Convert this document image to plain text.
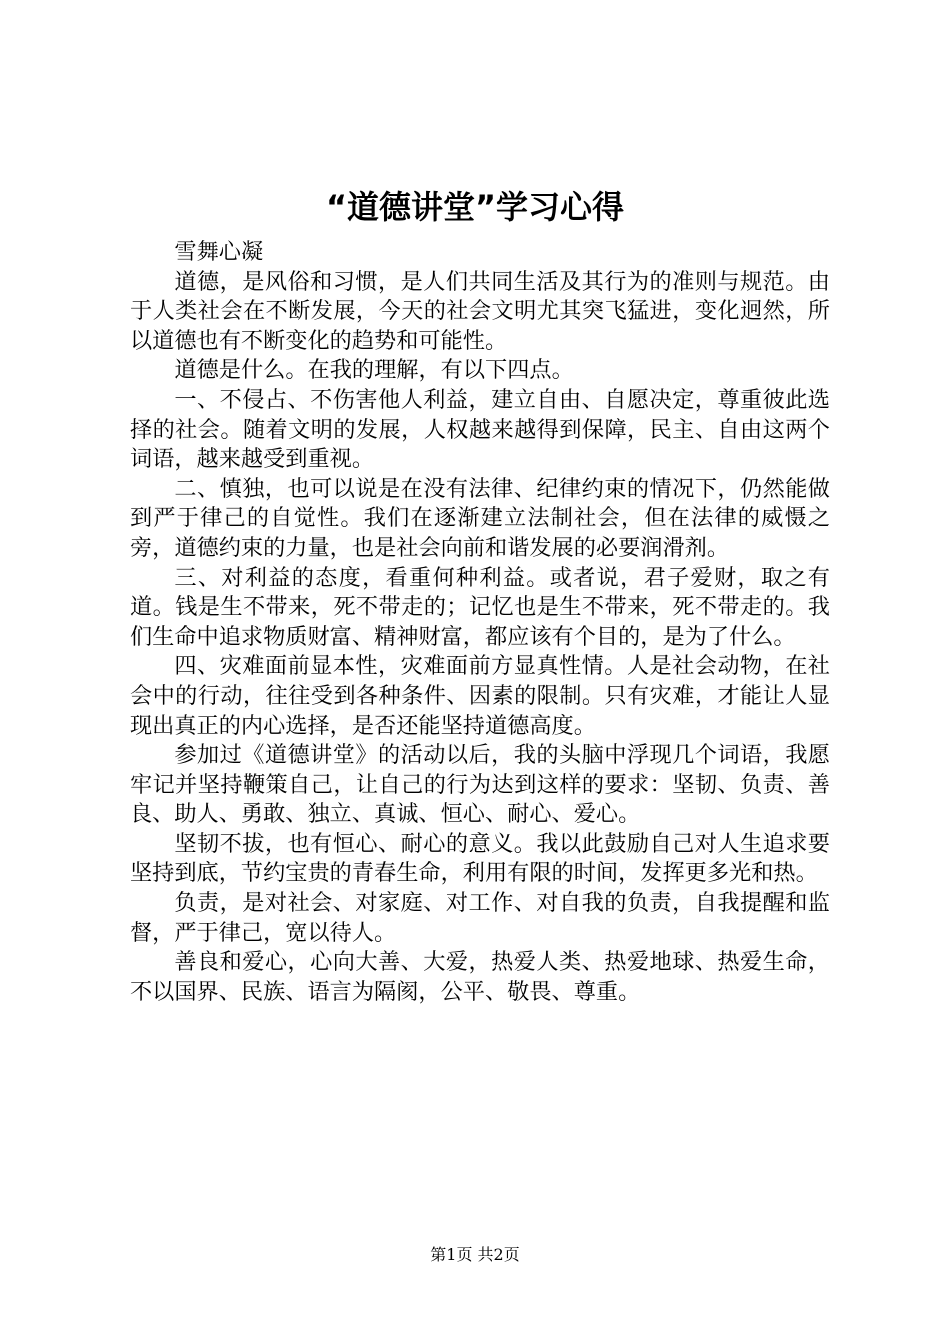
“道德讲堂”学习心得

雪舞心凝

道德，是风俗和习惯，是人们共同生活及其行为的准则与规范。由于人类社会在不断发展，今天的社会文明尤其突飞猛进，变化迥然，所以道德也有不断变化的趋势和可能性。

道德是什么。在我的理解，有以下四点。

一、不侵占、不伤害他人利益，建立自由、自愿决定，尊重彼此选择的社会。随着文明的发展，人权越来越得到保障，民主、自由这两个词语，越来越受到重视。

二、慎独，也可以说是在没有法律、纪律约束的情况下，仍然能做到严于律己的自觉性。我们在逐渐建立法制社会，但在法律的威慑之旁，道德约束的力量，也是社会向前和谐发展的必要润滑剂。

三、对利益的态度，看重何种利益。或者说，君子爱财，取之有道。钱是生不带来，死不带走的；记忆也是生不带来，死不带走的。我们生命中追求物质财富、精神财富，都应该有个目的，是为了什么。

四、灾难面前显本性，灾难面前方显真性情。人是社会动物，在社会中的行动，往往受到各种条件、因素的限制。只有灾难，才能让人显现出真正的内心选择，是否还能坚持道德高度。

参加过《道德讲堂》的活动以后，我的头脑中浮现几个词语，我愿牢记并坚持鞭策自己，让自己的行为达到这样的要求：坚韧、负责、善良、助人、勇敢、独立、真诚、恒心、耐心、爱心。

坚韧不拔，也有恒心、耐心的意义。我以此鼓励自己对人生追求要坚持到底，节约宝贵的青春生命，利用有限的时间，发挥更多光和热。

负责，是对社会、对家庭、对工作、对自我的负责，自我提醒和监督，严于律己，宽以待人。

善良和爱心，心向大善、大爱，热爱人类、热爱地球、热爱生命，不以国界、民族、语言为隔阂，公平、敬畏、尊重。

第1页 共2页
